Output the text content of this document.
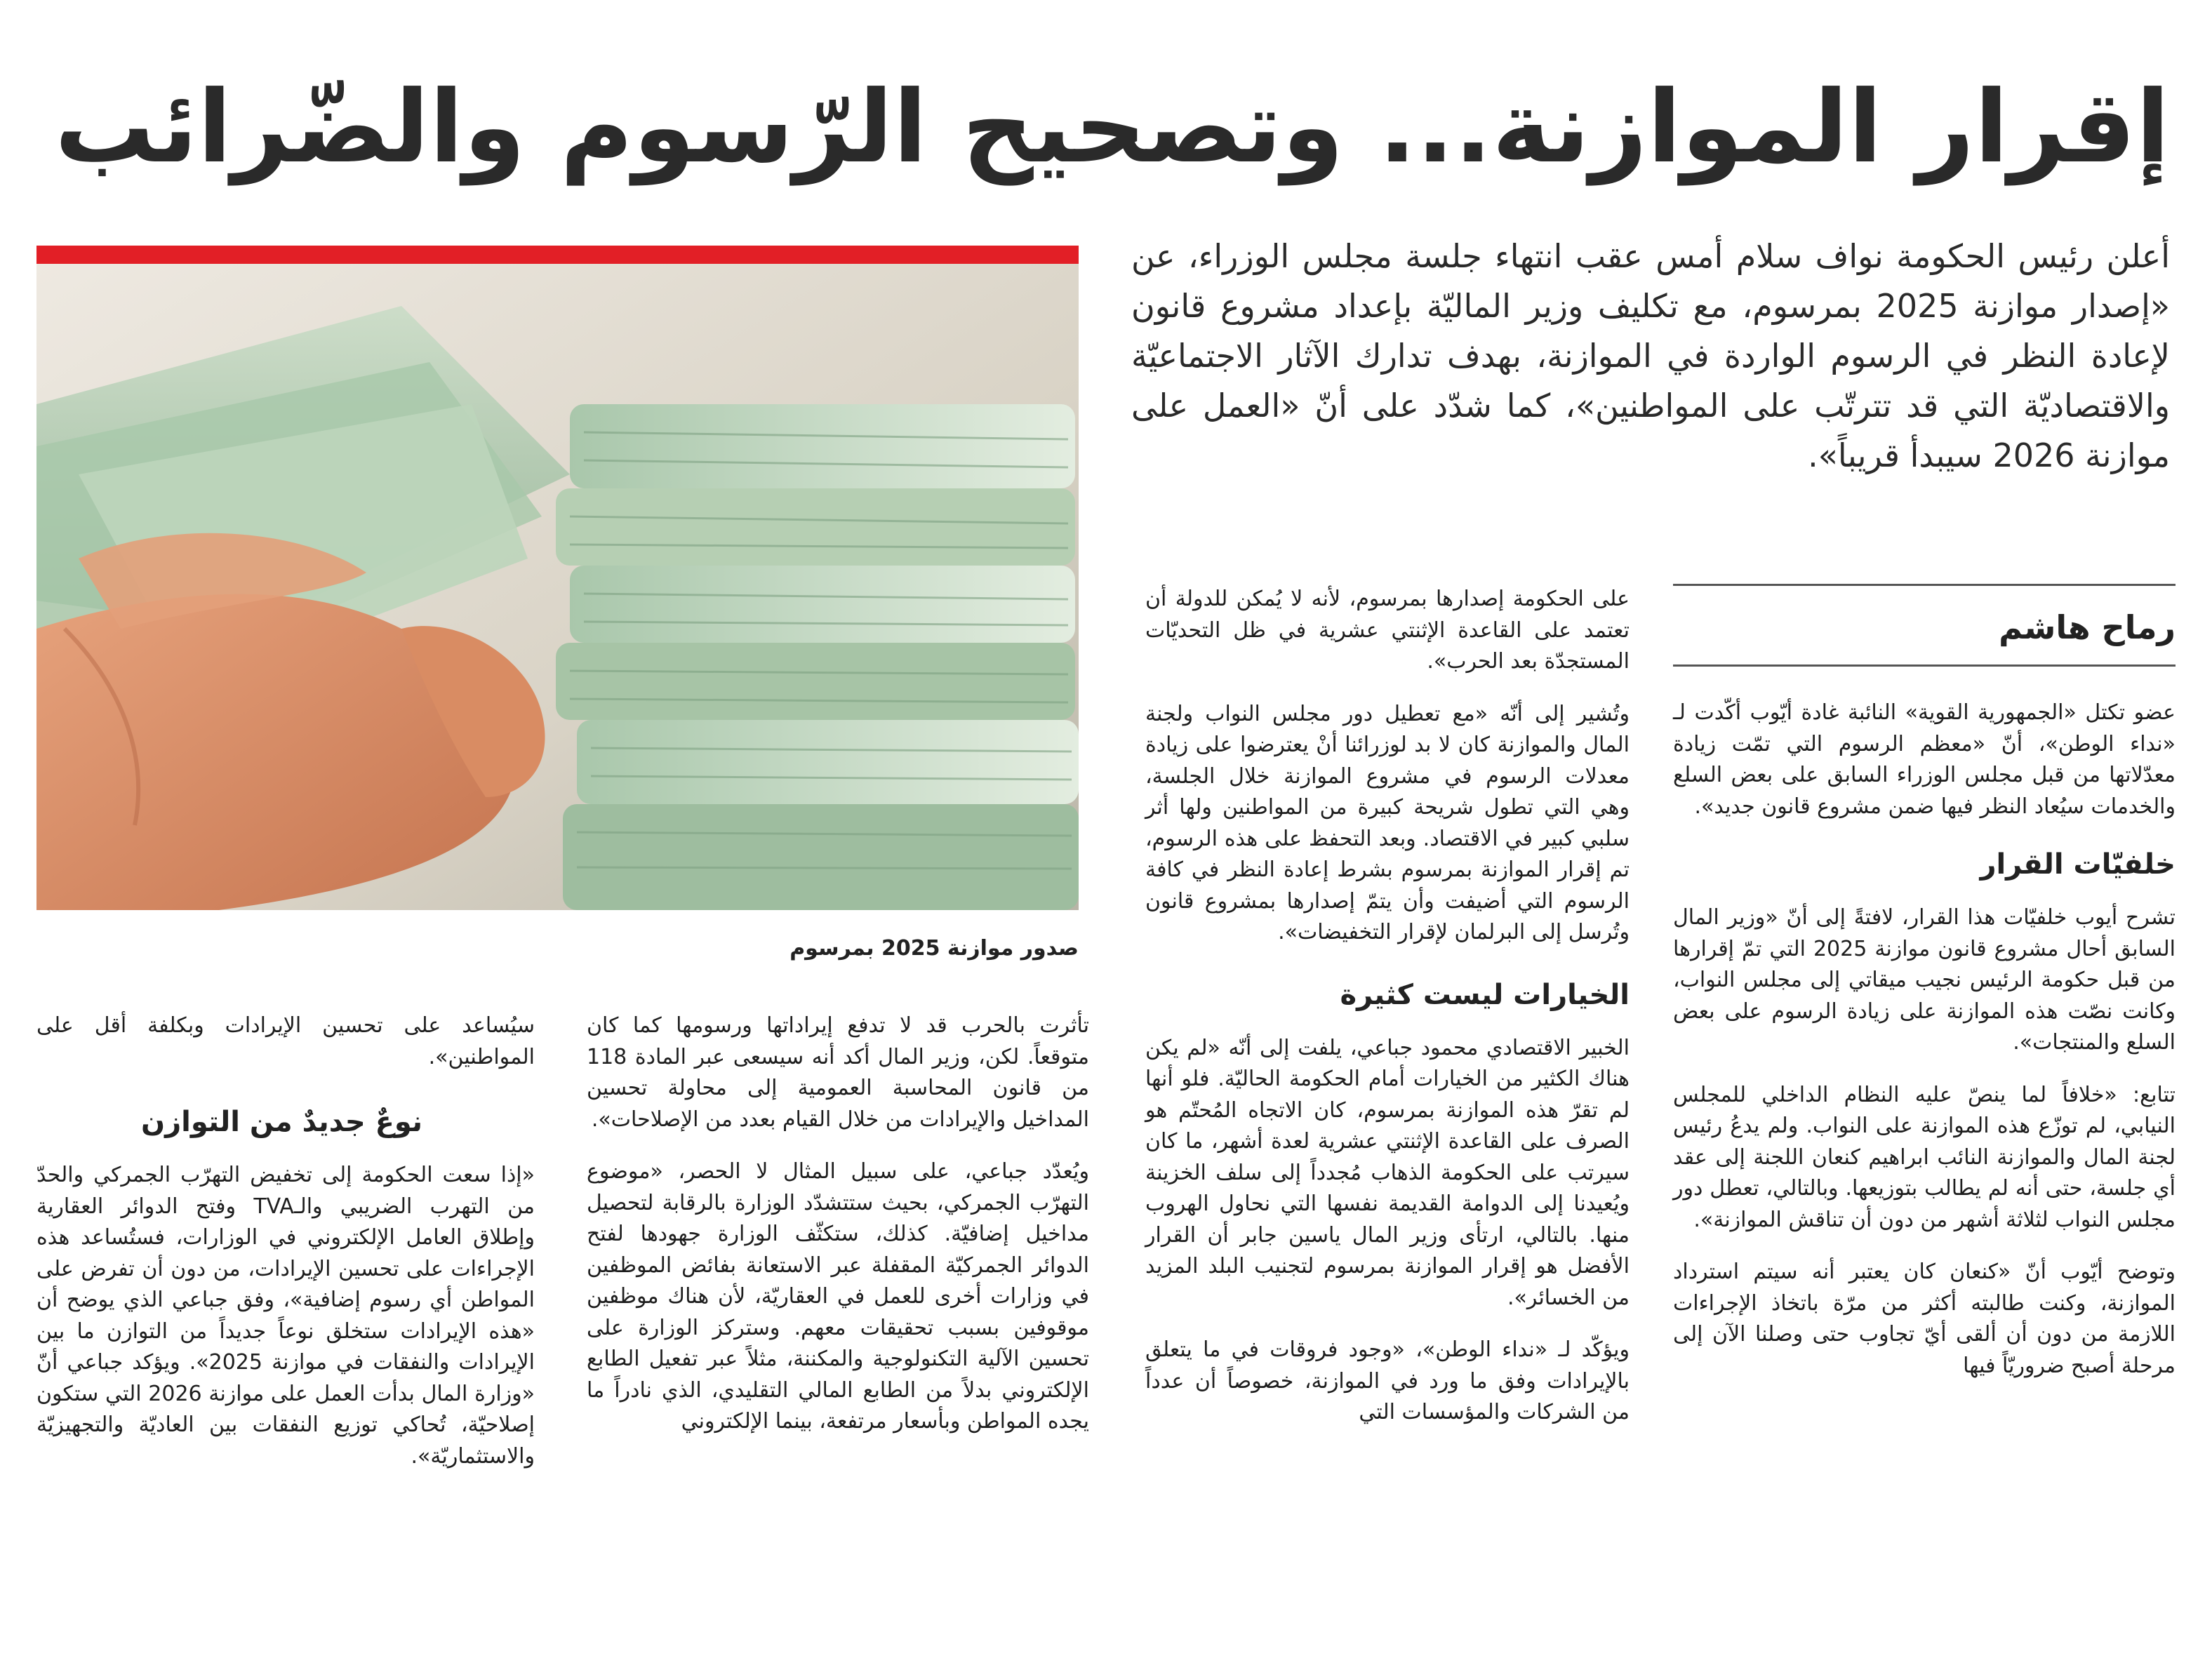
إقرار الموازنة... وتصحيح الرّسوم والضّرائب
أعلن رئيس الحكومة نواف سلام أمس عقب انتهاء جلسة مجلس الوزراء، عن «إصدار موازنة 2025 بمرسوم، مع تكليف وزير الماليّة بإعداد مشروع قانون لإعادة النظر في الرسوم الواردة في الموازنة، بهدف تدارك الآثار الاجتماعيّة والاقتصاديّة التي قد تترتّب على المواطنين»، كما شدّد على أنّ «العمل على موازنة 2026 سيبدأ قريباً».
صدور موازنة 2025 بمرسوم
رماح هاشم

عضو تكتل «الجمهورية القوية» النائبة غادة أيّوب أكّدت لـ «نداء الوطن»، أنّ «معظم الرسوم التي تمّت زيادة معدّلاتها من قبل مجلس الوزراء السابق على بعض السلع والخدمات سيُعاد النظر فيها ضمن مشروع قانون جديد».

خلفيّات القرار

تشرح أيوب خلفيّات هذا القرار، لافتةً إلى أنّ «وزير المال السابق أحال مشروع قانون موازنة 2025 التي تمّ إقرارها من قبل حكومة الرئيس نجيب ميقاتي إلى مجلس النواب، وكانت نصّت هذه الموازنة على زيادة الرسوم على بعض السلع والمنتجات».

تتابع: «خلافاً لما ينصّ عليه النظام الداخلي للمجلس النيابي، لم توزّع هذه الموازنة على النواب. ولم يدعُ رئيس لجنة المال والموازنة النائب ابراهيم كنعان اللجنة إلى عقد أي جلسة، حتى أنه لم يطالب بتوزيعها. وبالتالي، تعطل دور مجلس النواب لثلاثة أشهر من دون أن تناقش الموازنة».

وتوضح أيّوب أنّ «كنعان كان يعتبر أنه سيتم استرداد الموازنة، وكنت طالبته أكثر من مرّة باتخاذ الإجراءات اللازمة من دون أن ألقى أيّ تجاوب حتى وصلنا الآن إلى مرحلة أصبح ضروريّاً فيها

على الحكومة إصدارها بمرسوم، لأنه لا يُمكن للدولة أن تعتمد على القاعدة الإثنتي عشرية في ظل التحديّات المستجدّة بعد الحرب».

وتُشير إلى أنّه «مع تعطيل دور مجلس النواب ولجنة المال والموازنة كان لا بد لوزرائنا أنْ يعترضوا على زيادة معدلات الرسوم في مشروع الموازنة خلال الجلسة، وهي التي تطول شريحة كبيرة من المواطنين ولها أثر سلبي كبير في الاقتصاد. وبعد التحفظ على هذه الرسوم، تم إقرار الموازنة بمرسوم بشرط إعادة النظر في كافة الرسوم التي أضيفت وأن يتمّ إصدارها بمشروع قانون وتُرسل إلى البرلمان لإقرار التخفيضات».

الخيارات ليست كثيرة

الخبير الاقتصادي محمود جباعي، يلفت إلى أنّه «لم يكن هناك الكثير من الخيارات أمام الحكومة الحاليّة. فلو أنها لم تقرّ هذه الموازنة بمرسوم، كان الاتجاه المُحتّم هو الصرف على القاعدة الإثنتي عشرية لعدة أشهر، ما كان سيرتب على الحكومة الذهاب مُجدداً إلى سلف الخزينة ويُعيدنا إلى الدوامة القديمة نفسها التي نحاول الهروب منها. بالتالي، ارتأى وزير المال ياسين جابر أن القرار الأفضل هو إقرار الموازنة بمرسوم لتجنيب البلد المزيد من الخسائر».

ويؤكّد لـ «نداء الوطن»، «وجود فروقات في ما يتعلق بالإيرادات وفق ما ورد في الموازنة، خصوصاً أن عدداً من الشركات والمؤسسات التي

تأثرت بالحرب قد لا تدفع إيراداتها ورسومها كما كان متوقعاً. لكن، وزير المال أكد أنه سيسعى عبر المادة 118 من قانون المحاسبة العمومية إلى محاولة تحسين المداخيل والإيرادات من خلال القيام بعدد من الإصلاحات».

ويُعدّد جباعي، على سبيل المثال لا الحصر، «موضوع التهرّب الجمركي، بحيث ستتشدّد الوزارة بالرقابة لتحصيل مداخيل إضافيّة. كذلك، ستكثّف الوزارة جهودها لفتح الدوائر الجمركيّة المقفلة عبر الاستعانة بفائض الموظفين في وزارات أخرى للعمل في العقاريّة، لأن هناك موظفين موقوفين بسبب تحقيقات معهم. وستركز الوزارة على تحسين الآلية التكنولوجية والمكننة، مثلاً عبر تفعيل الطابع الإلكتروني بدلاً من الطابع المالي التقليدي، الذي نادراً ما يجده المواطن وبأسعار مرتفعة، بينما الإلكتروني

سيُساعد على تحسين الإيرادات وبكلفة أقل على المواطنين».

نوعٌ جديدٌ من التوازن

«إذا سعت الحكومة إلى تخفيض التهرّب الجمركي والحدّ من التهرب الضريبي والـTVA وفتح الدوائر العقارية وإطلاق العامل الإلكتروني في الوزارات، فستُساعد هذه الإجراءات على تحسين الإيرادات، من دون أن تفرض على المواطن أي رسوم إضافية»، وفق جباعي الذي يوضح أن «هذه الإيرادات ستخلق نوعاً جديداً من التوازن ما بين الإيرادات والنفقات في موازنة 2025». ويؤكد جباعي أنّ «وزارة المال بدأت العمل على موازنة 2026 التي ستكون إصلاحيّة، تُحاكي توزيع النفقات بين العاديّة والتجهيزيّة والاستثماريّة».
